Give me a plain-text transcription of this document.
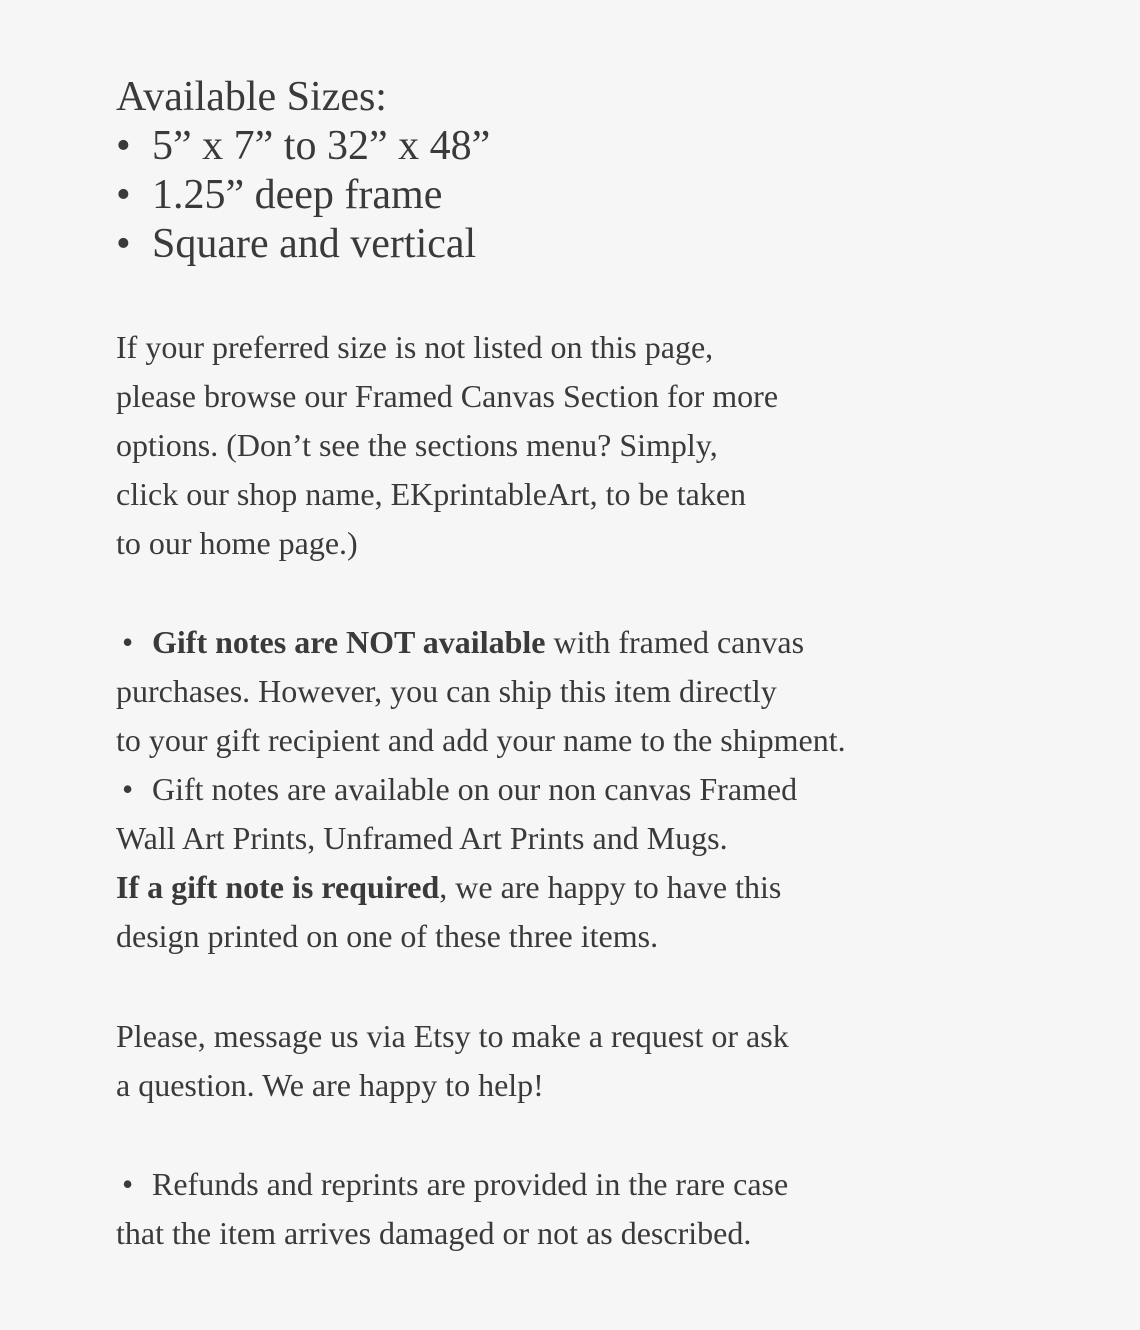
Available Sizes:
• 5” x 7” to 32” x 48”
• 1.25” deep frame
• Square and vertical
If your preferred size is not listed on this page,
please browse our Framed Canvas Section for more
options. (Don’t see the sections menu? Simply,
click our shop name, EKprintableArt, to be taken
to our home page.)
• Gift notes are NOT available with framed canvas
purchases. However, you can ship this item directly
to your gift recipient and add your name to the shipment.
• Gift notes are available on our non canvas Framed
Wall Art Prints, Unframed Art Prints and Mugs.
If a gift note is required, we are happy to have this
design printed on one of these three items.
Please, message us via Etsy to make a request or ask
a question. We are happy to help!
• Refunds and reprints are provided in the rare case
that the item arrives damaged or not as described.
